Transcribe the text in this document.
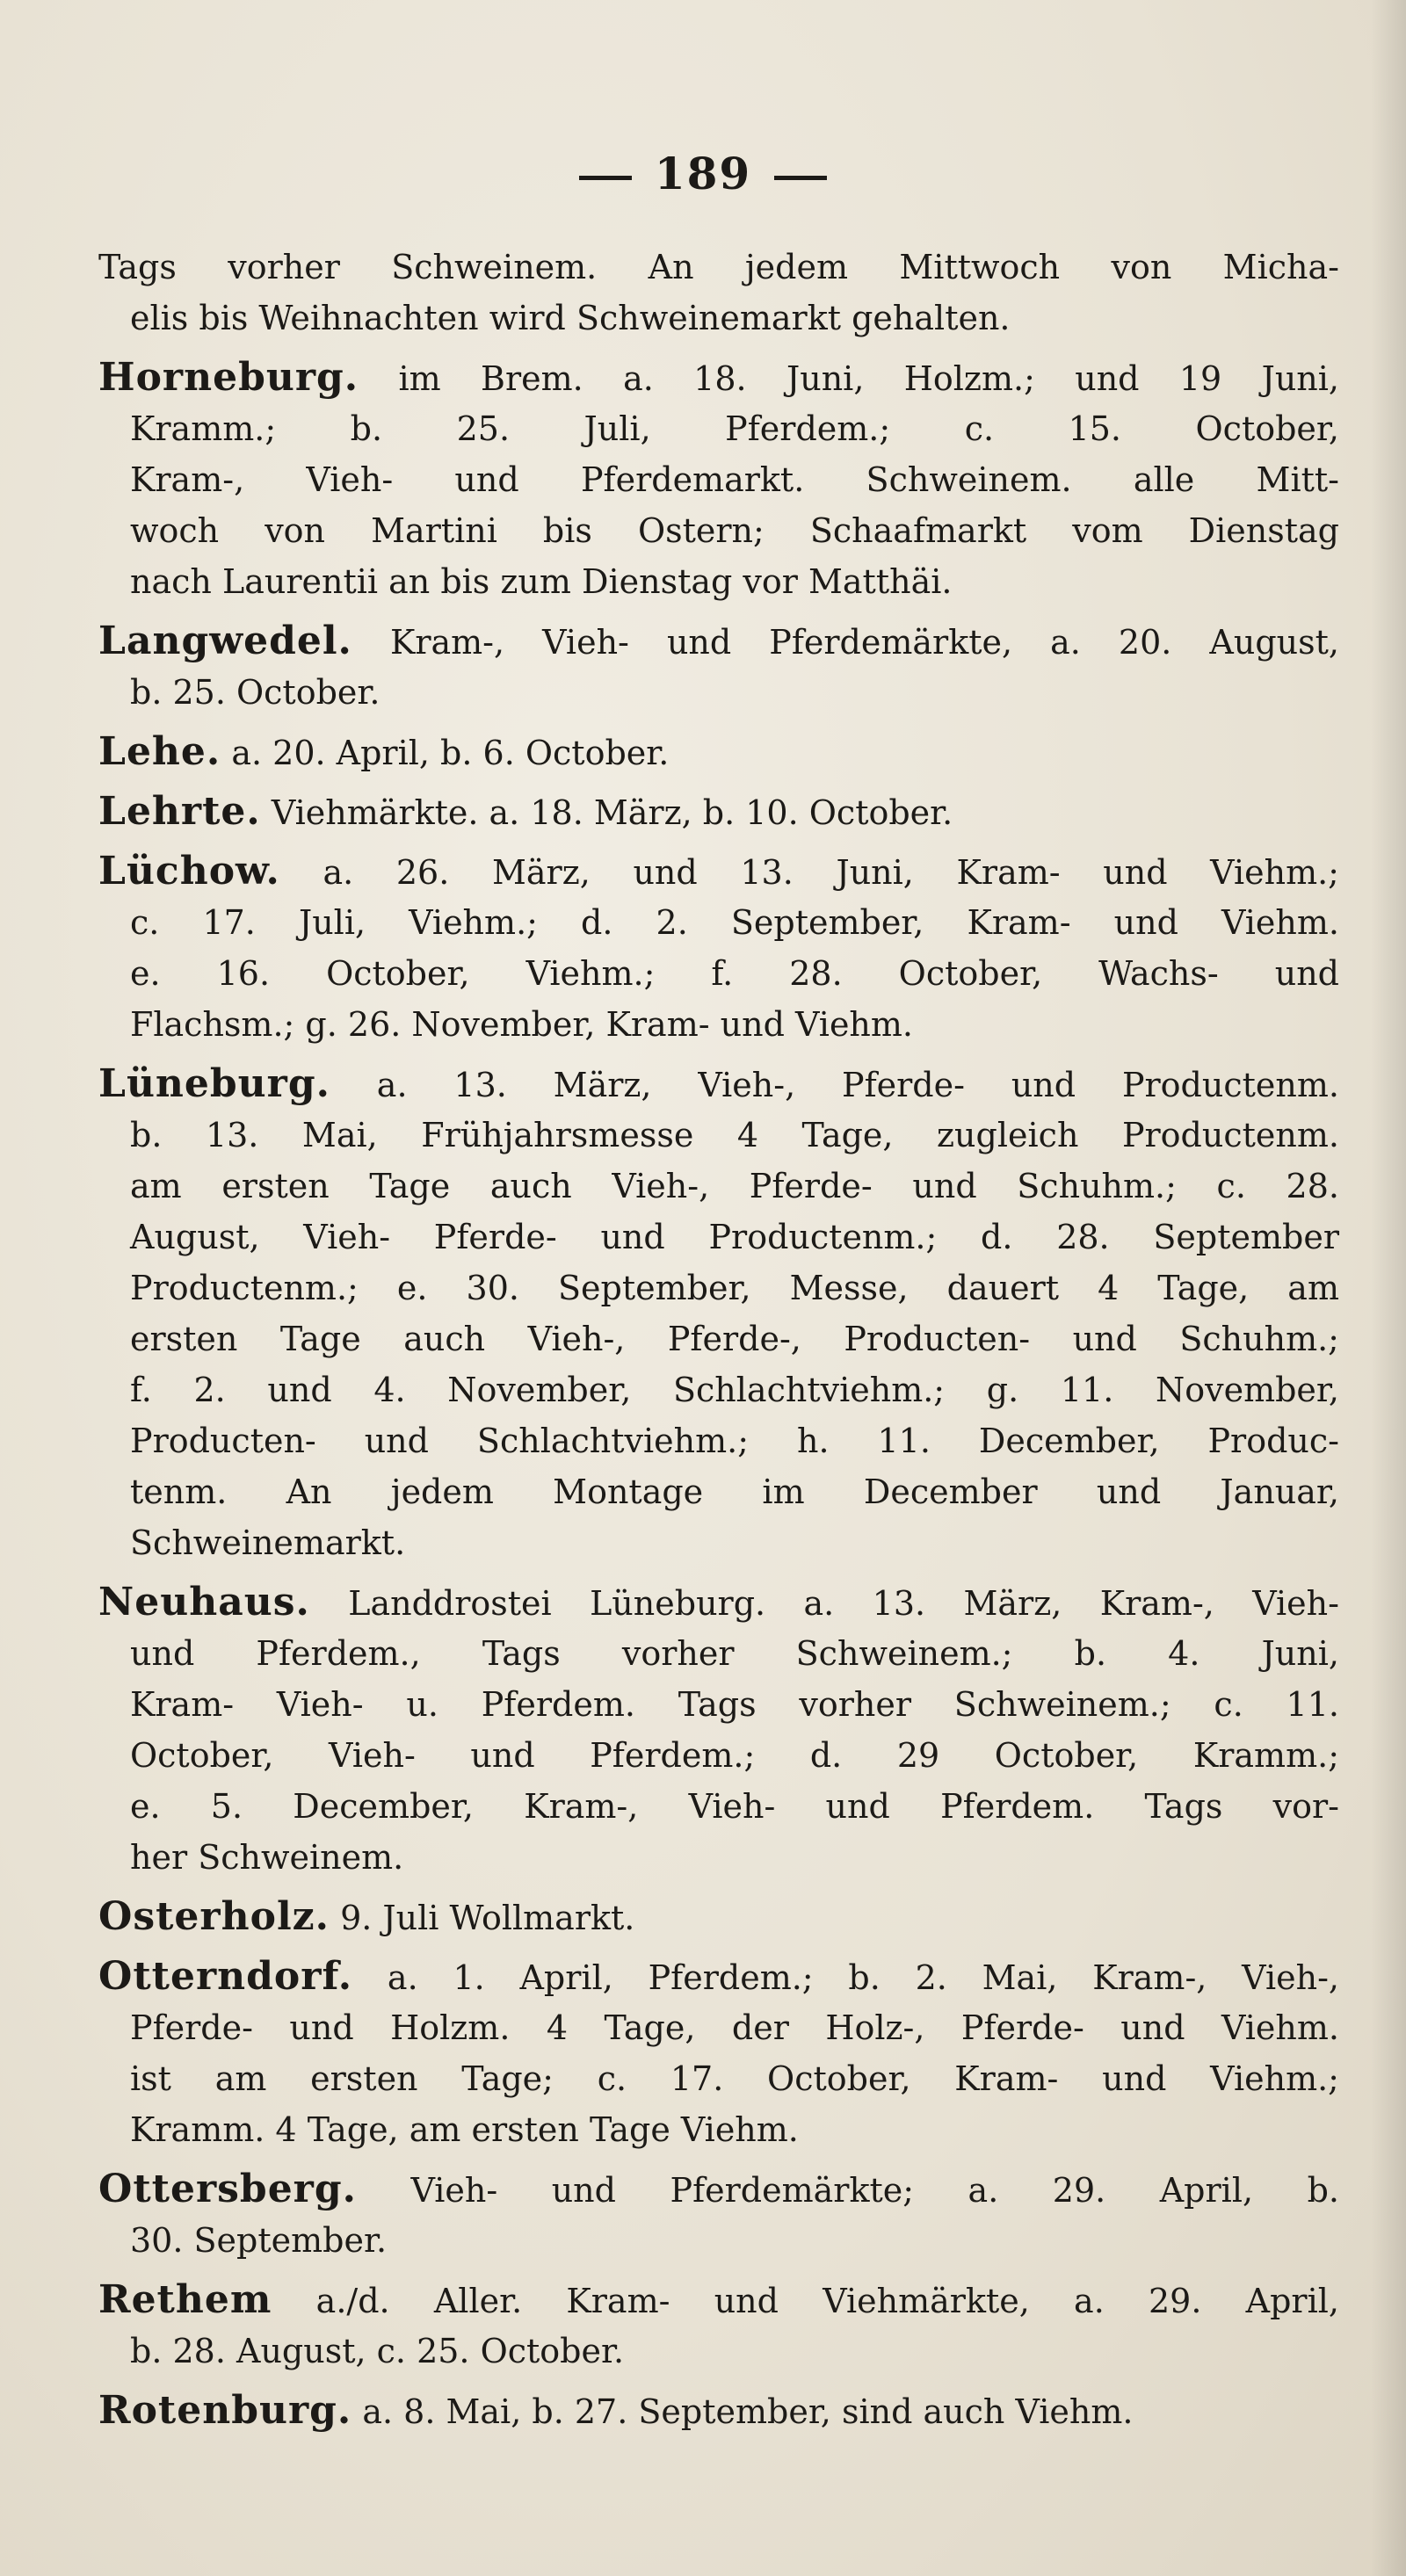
189
Tags vorher Schweinem. An jedem Mittwoch von Micha-
elis bis Weihnachten wird Schweinemarkt gehalten.
Horneburg. im Brem. a. 18. Juni, Holzm.; und 19 Juni,
Kramm.; b. 25. Juli, Pferdem.; c. 15. October,
Kram-, Vieh- und Pferdemarkt. Schweinem. alle Mitt-
woch von Martini bis Ostern; Schaafmarkt vom Dienstag
nach Laurentii an bis zum Dienstag vor Matthäi.
Langwedel. Kram-, Vieh- und Pferdemärkte, a. 20. August,
b. 25. October.
Lehe. a. 20. April, b. 6. October.
Lehrte. Viehmärkte. a. 18. März, b. 10. October.
Lüchow. a. 26. März, und 13. Juni, Kram- und Viehm.;
c. 17. Juli, Viehm.; d. 2. September, Kram- und Viehm.
e. 16. October, Viehm.; f. 28. October, Wachs- und
Flachsm.; g. 26. November, Kram- und Viehm.
Lüneburg. a. 13. März, Vieh-, Pferde- und Productenm.
b. 13. Mai, Frühjahrsmesse 4 Tage, zugleich Productenm.
am ersten Tage auch Vieh-, Pferde- und Schuhm.; c. 28.
August, Vieh- Pferde- und Productenm.; d. 28. September
Productenm.; e. 30. September, Messe, dauert 4 Tage, am
ersten Tage auch Vieh-, Pferde-, Producten- und Schuhm.;
f. 2. und 4. November, Schlachtviehm.; g. 11. November,
Producten- und Schlachtviehm.; h. 11. December, Produc-
tenm. An jedem Montage im December und Januar,
Schweinemarkt.
Neuhaus. Landdrostei Lüneburg. a. 13. März, Kram-, Vieh-
und Pferdem., Tags vorher Schweinem.; b. 4. Juni,
Kram- Vieh- u. Pferdem. Tags vorher Schweinem.; c. 11.
October, Vieh- und Pferdem.; d. 29 October, Kramm.;
e. 5. December, Kram-, Vieh- und Pferdem. Tags vor-
her Schweinem.
Osterholz. 9. Juli Wollmarkt.
Otterndorf. a. 1. April, Pferdem.; b. 2. Mai, Kram-, Vieh-,
Pferde- und Holzm. 4 Tage, der Holz-, Pferde- und Viehm.
ist am ersten Tage; c. 17. October, Kram- und Viehm.;
Kramm. 4 Tage, am ersten Tage Viehm.
Ottersberg. Vieh- und Pferdemärkte; a. 29. April, b.
30. September.
Rethem a./d. Aller. Kram- und Viehmärkte, a. 29. April,
b. 28. August, c. 25. October.
Rotenburg. a. 8. Mai, b. 27. September, sind auch Viehm.
